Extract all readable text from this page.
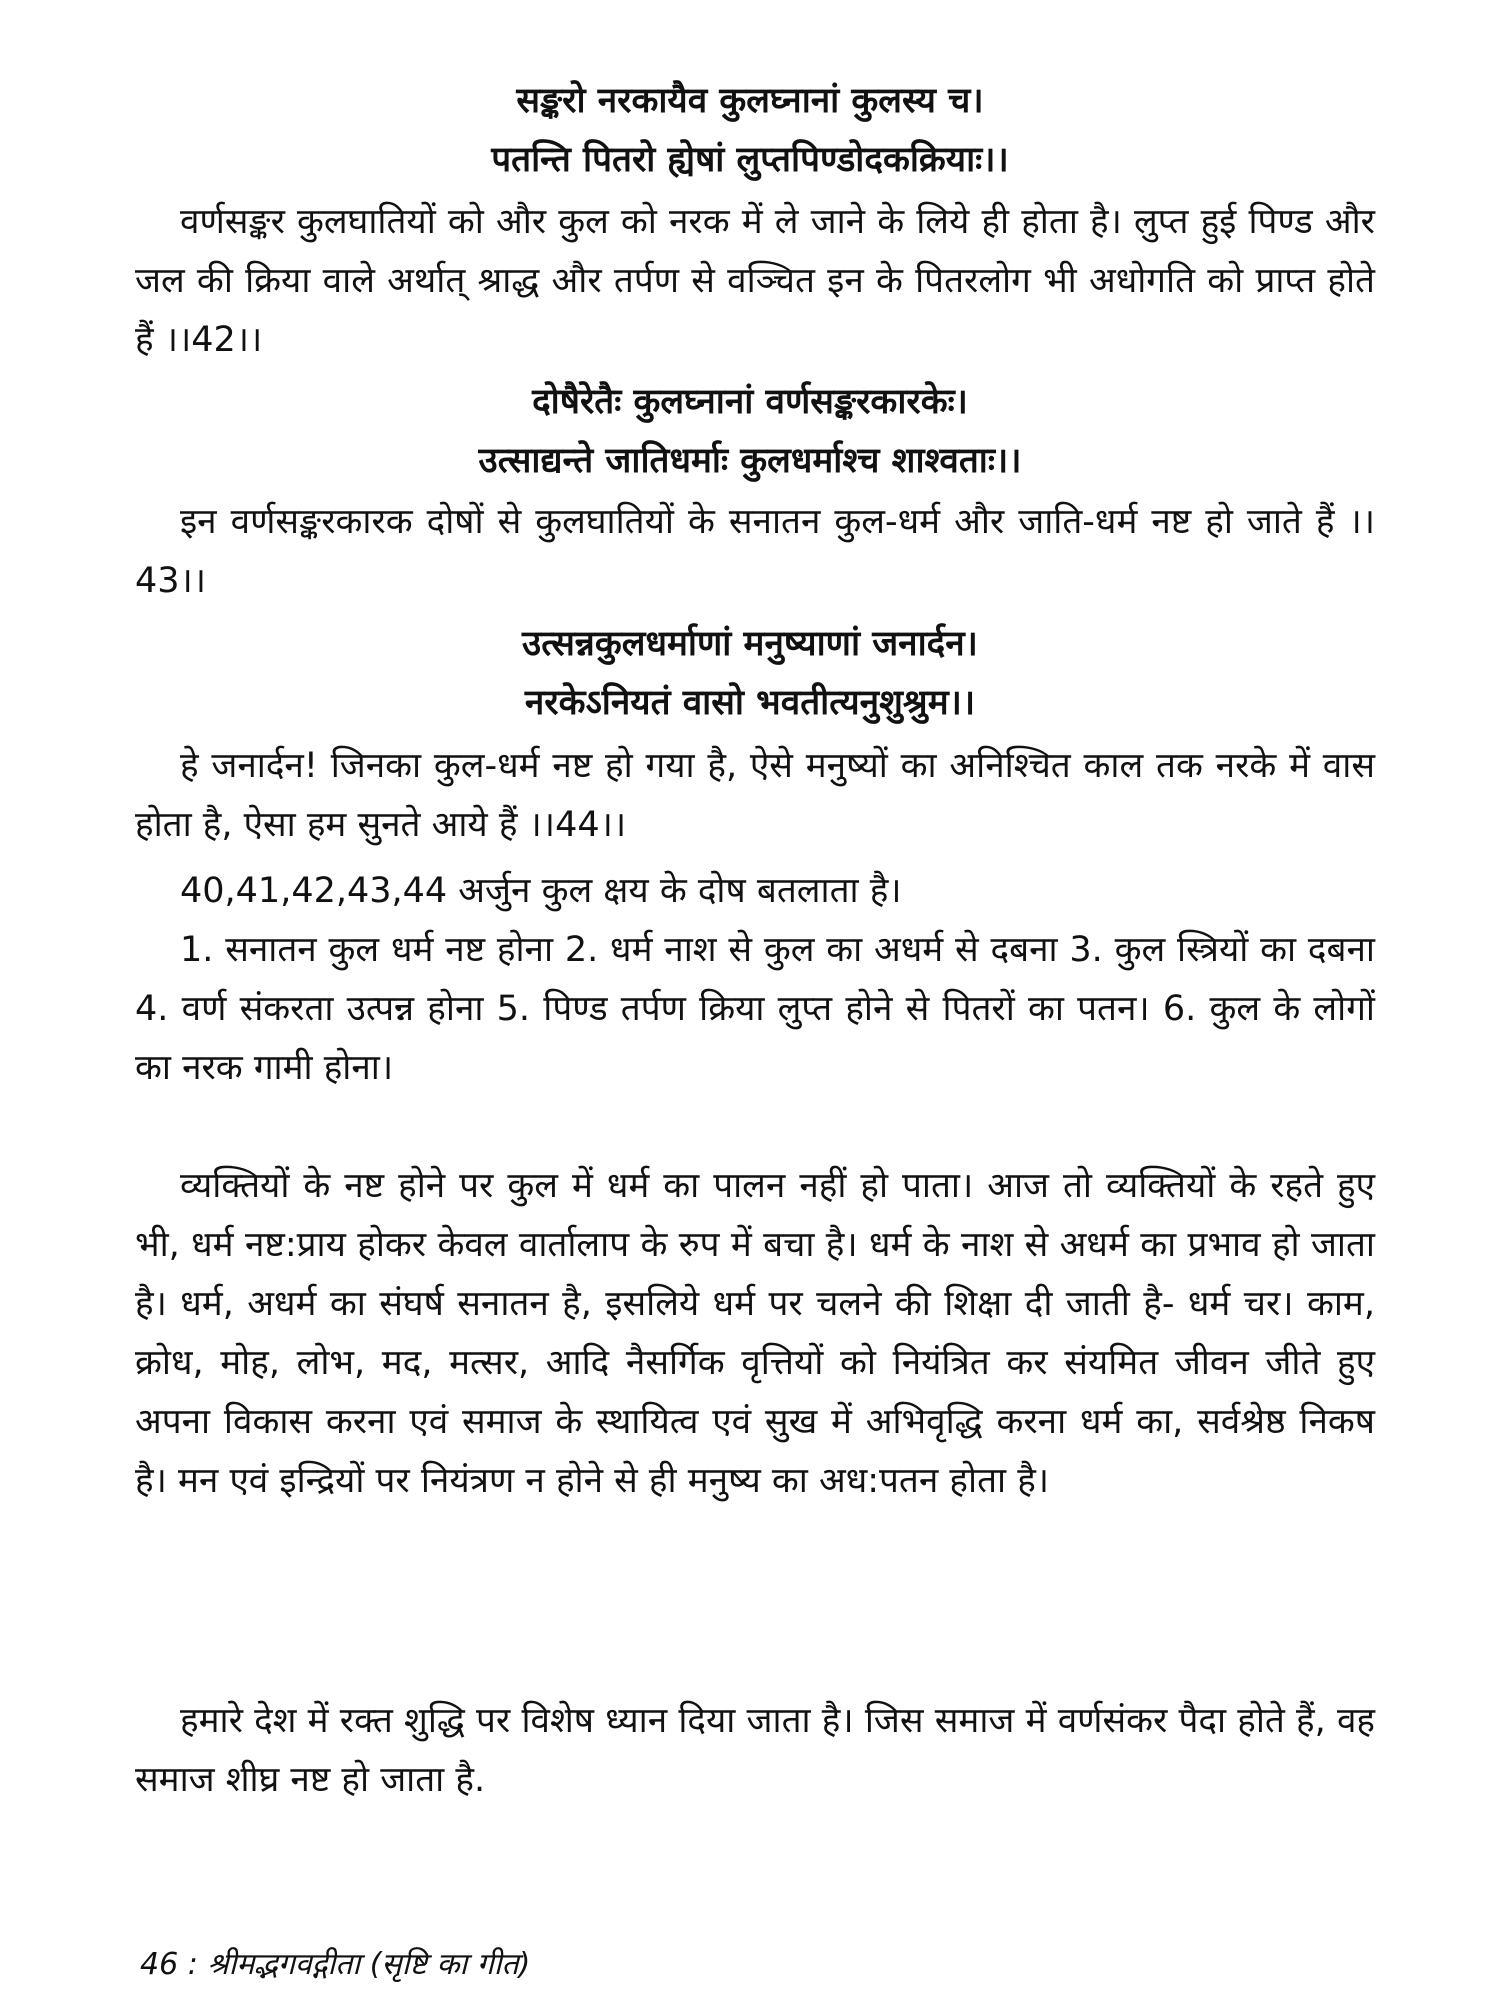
सङ्करो नरकायैव कुलघ्नानां कुलस्य च।
पतन्ति पितरो ह्येषां लुप्तपिण्डोदकक्रियाः।।
वर्णसङ्कर कुलघातियों को और कुल को नरक में ले जाने के लिये ही होता है। लुप्त हुई पिण्ड और जल की क्रिया वाले अर्थात् श्राद्ध और तर्पण से वञ्चित इन के पितरलोग भी अधोगति को प्राप्त होते हैं ।।42।।
दोषैरेतैः कुलघ्नानां वर्णसङ्करकारकेः।
उत्साद्यन्ते जातिधर्माः कुलधर्माश्च शाश्वताः।।
इन वर्णसङ्करकारक दोषों से कुलघातियों के सनातन कुल-धर्म और जाति-धर्म नष्ट हो जाते हैं ।।43।।
उत्सन्नकुलधर्माणां मनुष्याणां जनार्दन।
नरकेऽनियतं वासो भवतीत्यनुशुश्रुम।।
हे जनार्दन! जिनका कुल-धर्म नष्ट हो गया है, ऐसे मनुष्यों का अनिश्चित काल तक नरके में वास होता है, ऐसा हम सुनते आये हैं ।।44।।
40,41,42,43,44 अर्जुन कुल क्षय के दोष बतलाता है।
1. सनातन कुल धर्म नष्ट होना 2. धर्म नाश से कुल का अधर्म से दबना 3. कुल स्त्रियों का दबना 4. वर्ण संकरता उत्पन्न होना 5. पिण्ड तर्पण क्रिया लुप्त होने से पितरों का पतन। 6. कुल के लोगों का नरक गामी होना।
व्यक्तियों के नष्ट होने पर कुल में धर्म का पालन नहीं हो पाता। आज तो व्यक्तियों के रहते हुए भी, धर्म नष्ट:प्राय होकर केवल वार्तालाप के रुप में बचा है। धर्म के नाश से अधर्म का प्रभाव हो जाता है। धर्म, अधर्म का संघर्ष सनातन है, इसलिये धर्म पर चलने की शिक्षा दी जाती है- धर्म चर। काम, क्रोध, मोह, लोभ, मद, मत्सर, आदि नैसर्गिक वृत्तियों को नियंत्रित कर संयमित जीवन जीते हुए अपना विकास करना एवं समाज के स्थायित्व एवं सुख में अभिवृद्धि करना धर्म का, सर्वश्रेष्ठ निकष है। मन एवं इन्द्रियों पर नियंत्रण न होने से ही मनुष्य का अध:पतन होता है।
हमारे देश में रक्त शुद्धि पर विशेष ध्यान दिया जाता है। जिस समाज में वर्णसंकर पैदा होते हैं, वह समाज शीघ्र नष्ट हो जाता है.
46 : श्रीमद्भगवद्गीता (सृष्टि का गीत)
